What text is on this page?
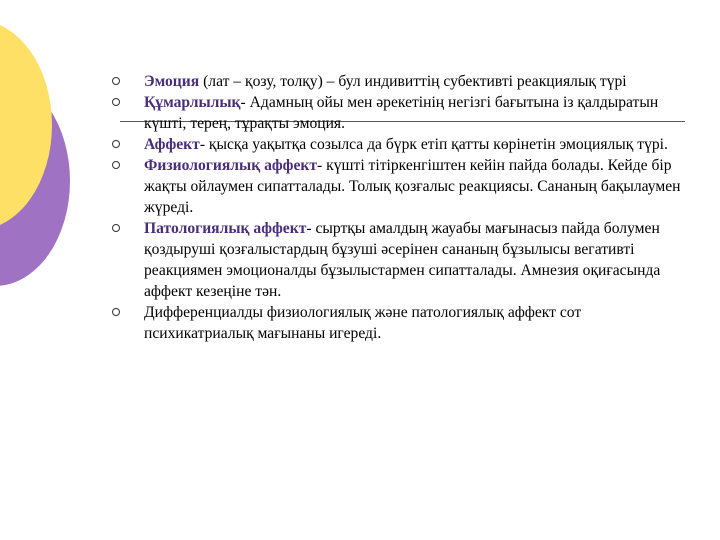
Эмоция (лат – қозу, толқу) – бул индивиттің субективті реакциялық түрі
Құмарлылық- Адамның ойы мен әрекетінің негізгі бағытына із қалдыратын күшті, терең, тұрақты эмоция.
Аффект- қысқа уақытқа созылса да бүрк етіп қатты көрінетін эмоциялық түрі.
Физиологиялық аффект- күшті тітіркенгіштен кейін пайда болады. Кейде бір жақты ойлаумен сипатталады. Толық қозғалыс реакциясы. Сананың бақылаумен жүреді.
Патологиялық аффект- сыртқы амалдың жауабы мағынасыз пайда болумен қоздыруші қозғалыстардың бұзуші әсерінен сананың бұзылысы вегативті реакциямен эмоционалды бұзылыстармен сипатталады. Амнезия оқиғасында аффект кезеңіне тән.
Дифференциалды физиологиялық және патологиялық аффект сот психикатриалық мағынаны игереді.
